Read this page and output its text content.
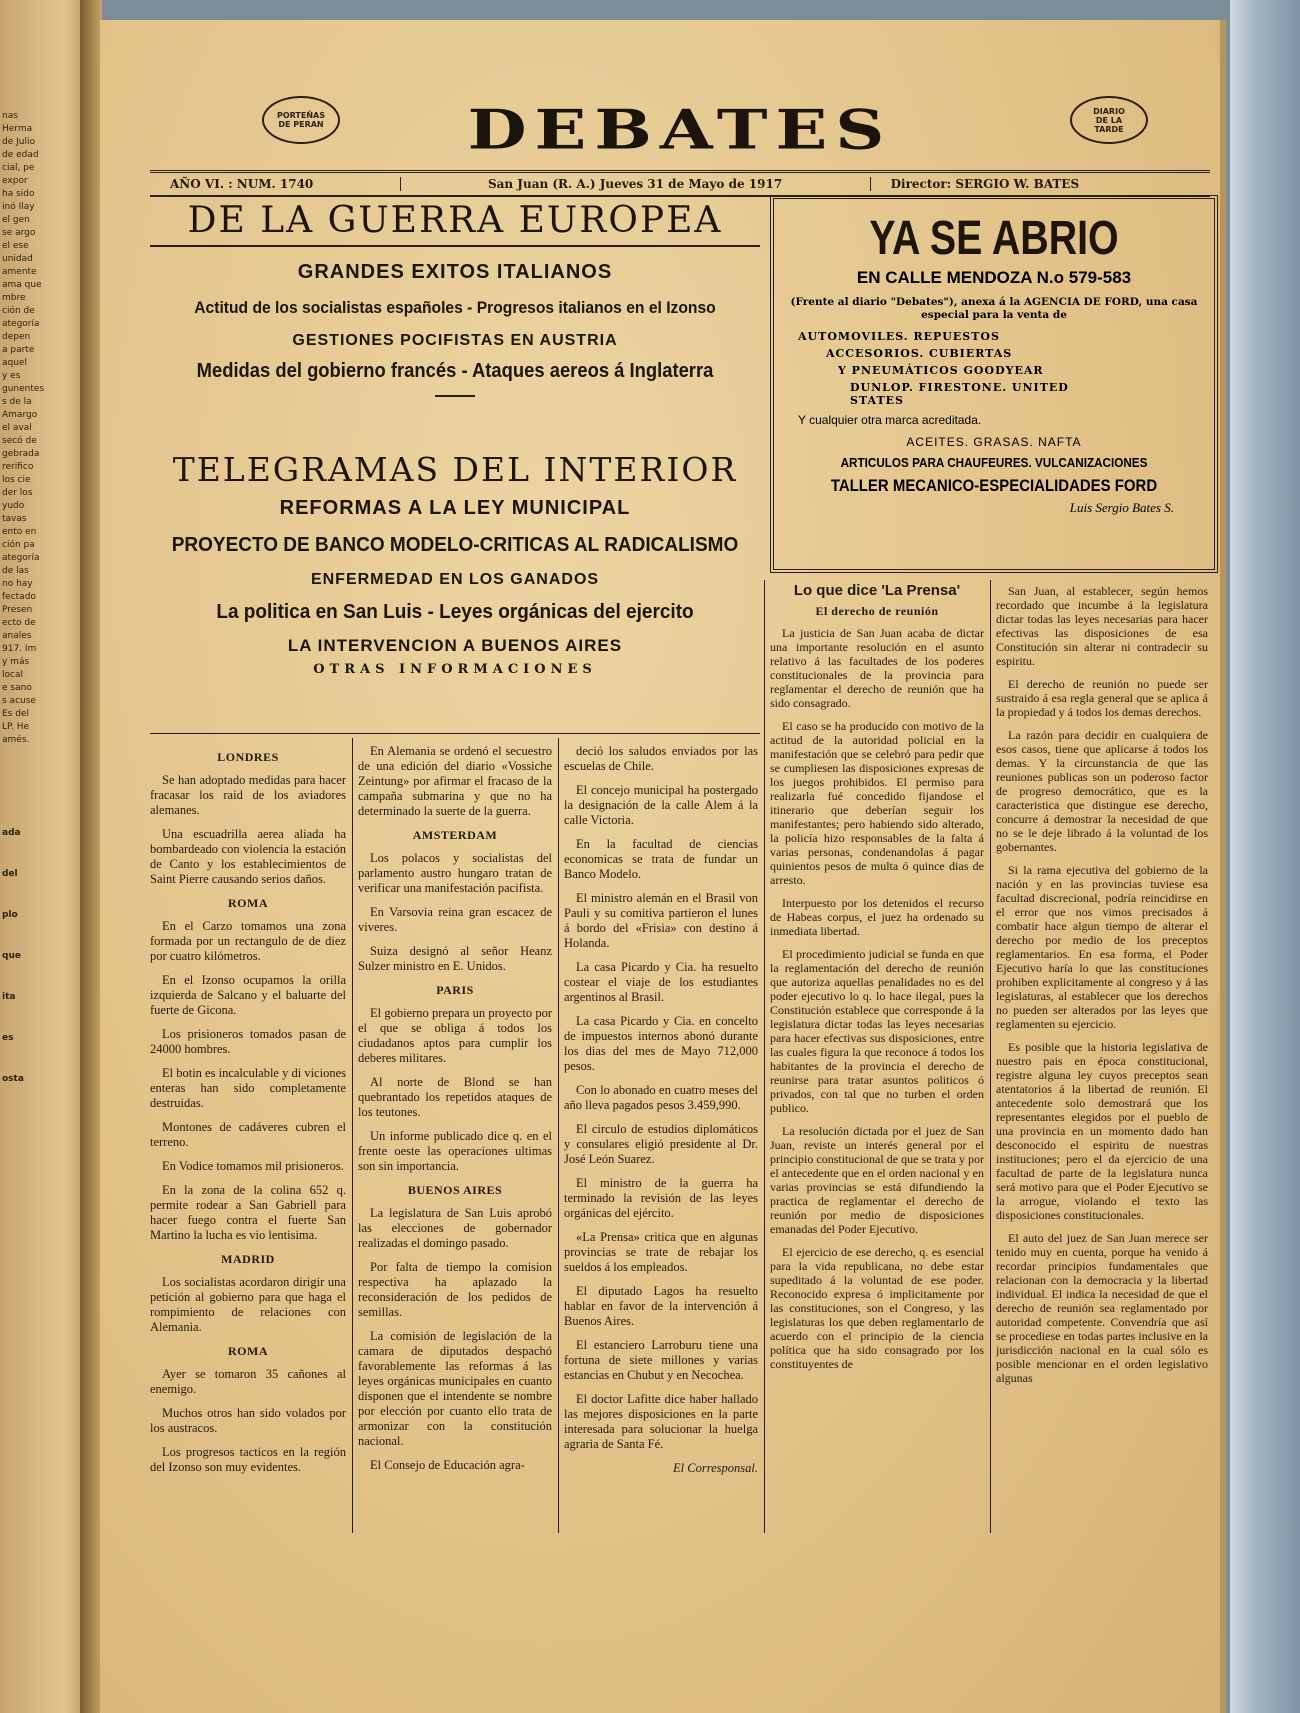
nas
Herma
de Julio
de edad
cial, pe
expor
ha sido
inó Ilay
el gen
se argo
el ese
unidad
amente
ama que
mbre
ción de
ategoría
depen
a parte
aquel
y es
gunentes
s de la
Amargo
el aval
secó de
gebrada
rerifico
los cie
der los
yudo
tavas
ento en
ción pa
ategoría
de las
no hay
fectado
Presen
ecto de
anales
917. Im
y más
local
e sano
s acuse
Es del
LP. He
amés.
ada
del
plo
que
ita
es
osta
PORTEÑAS
DE PERAN	DEBATES	DIARIO
DE LA
TARDE
AÑO VI. : NUM. 1740	San Juan (R. A.) Jueves 31 de Mayo de 1917	Director: SERGIO W. BATES
DE LA GUERRA EUROPEA
GRANDES EXITOS ITALIANOS
Actitud de los socialistas españoles - Progresos italianos en el Izonso
GESTIONES POCIFISTAS EN AUSTRIA
Medidas del gobierno francés - Ataques aereos á Inglaterra
TELEGRAMAS DEL INTERIOR
REFORMAS A LA LEY MUNICIPAL
PROYECTO DE BANCO MODELO-CRITICAS AL RADICALISMO
ENFERMEDAD EN LOS GANADOS
La politica en San Luis - Leyes orgánicas del ejercito
LA INTERVENCION A BUENOS AIRES
OTRAS INFORMACIONES
YA SE ABRIO
EN CALLE MENDOZA N.o 579-583
(Frente al diario "Debates"), anexa á la AGENCIA DE FORD, una casa especial para la venta de
AUTOMOVILES. REPUESTOS
ACCESORIOS. CUBIERTAS
Y PNEUMÁTICOS GOODYEAR
DUNLOP. FIRESTONE. UNITED STATES
Y cualquier otra marca acreditada.
ACEITES. GRASAS. NAFTA
ARTICULOS PARA CHAUFEURES. VULCANIZACIONES
TALLER MECANICO-ESPECIALIDADES FORD
Luis Sergio Bates S.
LONDRES

Se han adoptado medidas para hacer fracasar los raid de los aviadores alemanes.

Una escuadrilla aerea aliada ha bombardeado con violencia la estación de Canto y los establecimientos de Saint Pierre causando serios daños.

ROMA

En el Carzo tomamos una zona formada por un rectangulo de de diez por cuatro kilómetros.

En el Izonso ocupamos la orilla izquierda de Salcano y el baluarte del fuerte de Gicona.

Los prisioneros tomados pasan de 24000 hombres.

El botin es incalculable y di viciones enteras han sido completamente destruidas.

Montones de cadáveres cubren el terreno.

En Vodice tomamos mil prisioneros.

En la zona de la colina 652 q. permite rodear a San Gabriell para hacer fuego contra el fuerte San Martino la lucha es vio lentisima.

MADRID

Los socialistas acordaron dirigir una petición al gobierno para que haga el rompimiento de relaciones con Alemania.

ROMA

Ayer se tomaron 35 cañones al enemigo.

Muchos otros han sido volados por los austracos.

Los progresos tacticos en la región del Izonso son muy evidentes.

En Alemania se ordenó el secuestro de una edición del diario «Vossiche Zeintung» por afirmar el fracaso de la campaña submarina y que no ha determinado la suerte de la guerra.

AMSTERDAM

Los polacos y socialistas del parlamento austro hungaro tratan de verificar una manifestación pacifista.

En Varsovia reina gran escacez de viveres.

Suiza designó al señor Heanz Sulzer ministro en E. Unidos.

PARIS

El gobierno prepara un proyecto por el que se obliga á todos los ciudadanos aptos para cumplir los deberes militares.

Al norte de Blond se han quebrantado los repetidos ataques de los teutones.

Un informe publicado dice q. en el frente oeste las operaciones ultimas son sin importancia.

BUENOS AIRES

La legislatura de San Luis aprobó las elecciones de gobernador realizadas el domingo pasado.

Por falta de tiempo la comision respectiva ha aplazado la reconsideración de los pedidos de semillas.

La comisión de legislación de la camara de diputados despachó favorablemente las reformas á las leyes orgánicas municipales en cuanto disponen que el intendente se nombre por elección por cuanto ello trata de armonizar con la constitución nacional.

El Consejo de Educación agra-

deció los saludos enviados por las escuelas de Chile.

El concejo municipal ha postergado la designación de la calle Alem á la calle Victoria.

En la facultad de ciencias economicas se trata de fundar un Banco Modelo.

El ministro alemán en el Brasil von Pauli y su comitiva partieron el lunes á bordo del «Frisia» con destino á Holanda.

La casa Picardo y Cia. ha resuelto costear el viaje de los estudiantes argentinos al Brasil.

La casa Picardo y Cia. en concelto de impuestos internos abonó durante los dias del mes de Mayo 712,000 pesos.

Con lo abonado en cuatro meses del año lleva pagados pesos 3.459,990.

El circulo de estudios diplomáticos y consulares eligió presidente al Dr. José León Suarez.

El ministro de la guerra ha terminado la revisión de las leyes orgánicas del ejército.

«La Prensa» critica que en algunas provincias se trate de rebajar los sueldos á los empleados.

El diputado Lagos ha resuelto hablar en favor de la intervención á Buenos Aires.

El estanciero Larroburu tiene una fortuna de siete millones y varias estancias en Chubut y en Necochea.

El doctor Lafitte dice haber hallado las mejores disposiciones en la parte interesada para solucionar la huelga agraria de Santa Fé.

El Corresponsal.
Lo que dice 'La Prensa'
El derecho de reunión

La justicia de San Juan acaba de dictar una importante resolución en el asunto relativo á las facultades de los poderes constitucionales de la provincia para reglamentar el derecho de reunión que ha sido consagrado.

El caso se ha producido con motivo de la actitud de la autoridad policial en la manifestación que se celebró para pedir que se cumpliesen las disposiciones expresas de los juegos prohibidos. El permiso para realizarla fué concedido fijandose el itinerario que deberían seguir los manifestantes; pero habiendo sido alterado, la policía hizo responsables de la falta á varias personas, condenandolas á pagar quinientos pesos de multa ó quince dias de arresto.

Interpuesto por los detenidos el recurso de Habeas corpus, el juez ha ordenado su inmediata libertad.

El procedimiento judicial se funda en que la reglamentación del derecho de reunión que autoriza aquellas penalidades no es del poder ejecutivo lo q. lo hace ilegal, pues la Constitución establece que corresponde á la legislatura dictar todas las leyes necesarias para hacer efectivas sus disposiciones, entre las cuales figura la que reconoce á todos los habitantes de la provincia el derecho de reunirse para tratar asuntos politicos ó privados, con tal que no turben el orden publico.

La resolución dictada por el juez de San Juan, reviste un interés general por el principio constitucional de que se trata y por el antecedente que en el orden nacional y en varias provincias se está difundiendo la practica de reglamentar el derecho de reunión por medio de disposiciones emanadas del Poder Ejecutivo.

El ejercicio de ese derecho, q. es esencial para la vida republicana, no debe estar supeditado á la voluntad de ese poder. Reconocido expresa ó implicitamente por las constituciones, son el Congreso, y las legislaturas los que deben reglamentarlo de acuerdo con el principio de la ciencia política que ha sido consagrado por los constituyentes de

San Juan, al establecer, según hemos recordado que incumbe á la legislatura dictar todas las leyes necesarias para hacer efectivas las disposiciones de esa Constitución sin alterar ni contradecir su espiritu.

El derecho de reunión no puede ser sustraido á esa regla general que se aplica á la propiedad y á todos los demas derechos.

La razón para decidir en cualquiera de esos casos, tiene que aplicarse á todos los demas. Y la circunstancia de que las reuniones publicas son un poderoso factor de progreso democrático, que es la caracteristica que distingue ese derecho, concurre á demostrar la necesidad de que no se le deje librado á la voluntad de los gobernantes.

Si la rama ejecutiva del gobierno de la nación y en las provincias tuviese esa facultad discrecional, podría reincidirse en el error que nos vimos precisados á combatir hace algun tiempo de alterar el derecho por medio de los preceptos reglamentarios. En esa forma, el Poder Ejecutivo haría lo que las constituciones prohiben explicitamente al congreso y á las legislaturas, al establecer que los derechos no pueden ser alterados por las leyes que reglamenten su ejercicio.

Es posible que la historia legislativa de nuestro pais en época constitucional, registre alguna ley cuyos preceptos sean atentatorios á la libertad de reunión. El antecedente solo demostrará que los representantes elegidos por el pueblo de una provincia en un momento dado han desconocido el espiritu de nuestras instituciones; pero el da ejercicio de una facultad de parte de la legislatura nunca será motivo para que el Poder Ejecutivo se la arrogue, violando el texto las disposiciones constitucionales.

El auto del juez de San Juan merece ser tenido muy en cuenta, porque ha venido á recordar principios fundamentales que relacionan con la democracia y la libertad individual. El indica la necesidad de que el derecho de reunión sea reglamentado por autoridad competente. Convendría que así se procediese en todas partes inclusive en la jurisdicción nacional en la cual sólo es posible mencionar en el orden legislativo algunas
